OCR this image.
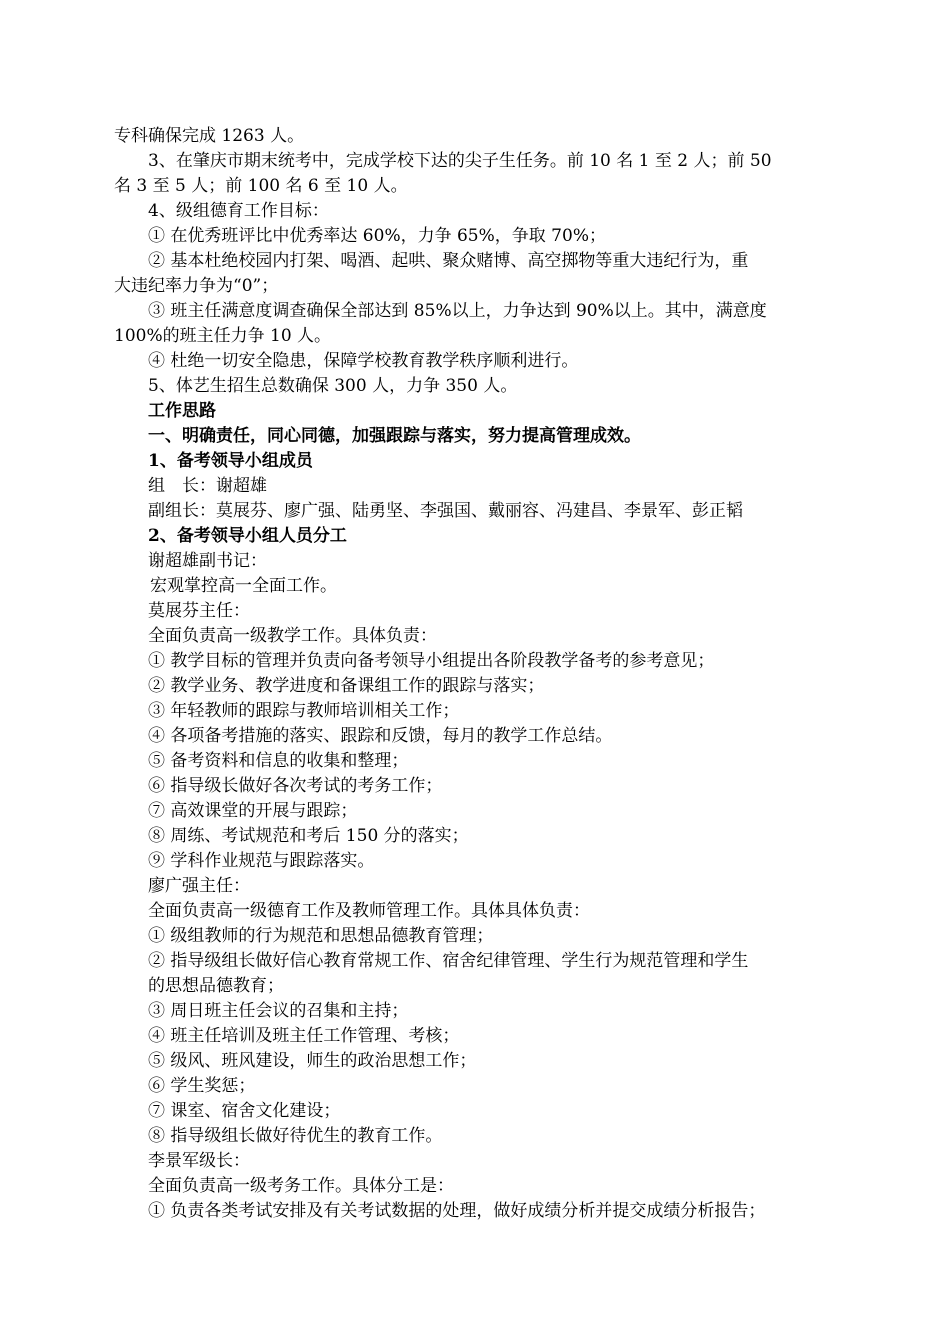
专科确保完成 1263 人。
3、在肇庆市期末统考中，完成学校下达的尖子生任务。前 10 名 1 至 2 人；前 50
名 3 至 5 人；前 100 名 6 至 10 人。
4、级组德育工作目标：
① 在优秀班评比中优秀率达 60%，力争 65%，争取 70%；
② 基本杜绝校园内打架、喝酒、起哄、聚众赌博、高空掷物等重大违纪行为，重
大违纪率力争为“0”；
③ 班主任满意度调查确保全部达到 85%以上，力争达到 90%以上。其中，满意度
100%的班主任力争 10 人。
④ 杜绝一切安全隐患，保障学校教育教学秩序顺利进行。
5、体艺生招生总数确保 300 人，力争 350 人。
工作思路
一、明确责任，同心同德，加强跟踪与落实，努力提高管理成效。
1、备考领导小组成员
组　长：谢超雄
副组长：莫展芬、廖广强、陆勇坚、李强国、戴丽容、冯建昌、李景军、彭正韬
2、备考领导小组人员分工
谢超雄副书记：
宏观掌控高一全面工作。
莫展芬主任：
全面负责高一级教学工作。具体负责：
① 教学目标的管理并负责向备考领导小组提出各阶段教学备考的参考意见；
② 教学业务、教学进度和备课组工作的跟踪与落实；
③ 年轻教师的跟踪与教师培训相关工作；
④ 各项备考措施的落实、跟踪和反馈，每月的教学工作总结。
⑤ 备考资料和信息的收集和整理；
⑥ 指导级长做好各次考试的考务工作；
⑦ 高效课堂的开展与跟踪；
⑧ 周练、考试规范和考后 150 分的落实；
⑨ 学科作业规范与跟踪落实。
廖广强主任：
全面负责高一级德育工作及教师管理工作。具体具体负责：
① 级组教师的行为规范和思想品德教育管理；
② 指导级组长做好信心教育常规工作、宿舍纪律管理、学生行为规范管理和学生
的思想品德教育；
③ 周日班主任会议的召集和主持；
④ 班主任培训及班主任工作管理、考核；
⑤ 级风、班风建设，师生的政治思想工作；
⑥ 学生奖惩；
⑦ 课室、宿舍文化建设；
⑧ 指导级组长做好待优生的教育工作。
李景军级长：
全面负责高一级考务工作。具体分工是：
① 负责各类考试安排及有关考试数据的处理，做好成绩分析并提交成绩分析报告；
